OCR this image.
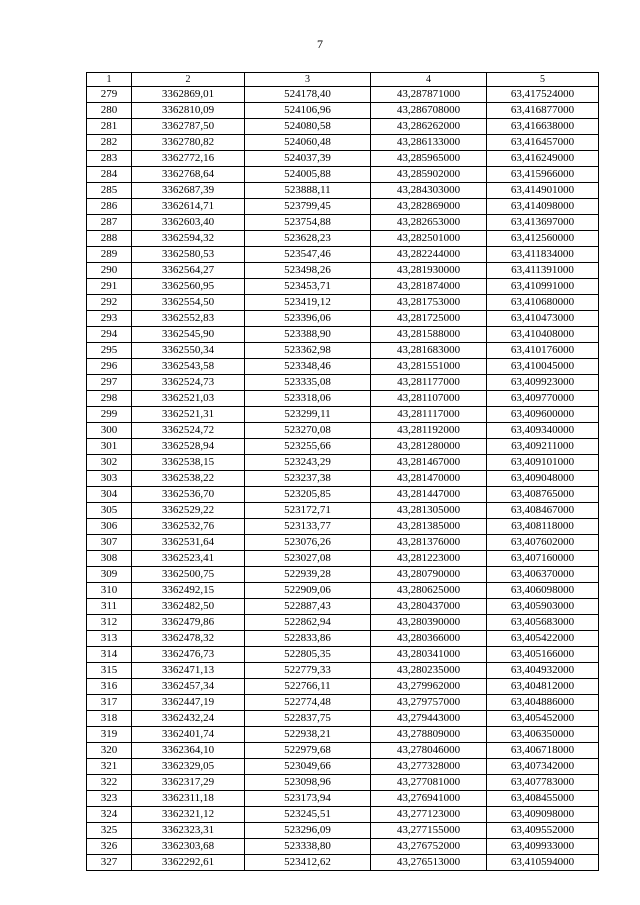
7
1	2	3	4	5
279	3362869,01	524178,40	43,287871000	63,417524000
280	3362810,09	524106,96	43,286708000	63,416877000
281	3362787,50	524080,58	43,286262000	63,416638000
282	3362780,82	524060,48	43,286133000	63,416457000
283	3362772,16	524037,39	43,285965000	63,416249000
284	3362768,64	524005,88	43,285902000	63,415966000
285	3362687,39	523888,11	43,284303000	63,414901000
286	3362614,71	523799,45	43,282869000	63,414098000
287	3362603,40	523754,88	43,282653000	63,413697000
288	3362594,32	523628,23	43,282501000	63,412560000
289	3362580,53	523547,46	43,282244000	63,411834000
290	3362564,27	523498,26	43,281930000	63,411391000
291	3362560,95	523453,71	43,281874000	63,410991000
292	3362554,50	523419,12	43,281753000	63,410680000
293	3362552,83	523396,06	43,281725000	63,410473000
294	3362545,90	523388,90	43,281588000	63,410408000
295	3362550,34	523362,98	43,281683000	63,410176000
296	3362543,58	523348,46	43,281551000	63,410045000
297	3362524,73	523335,08	43,281177000	63,409923000
298	3362521,03	523318,06	43,281107000	63,409770000
299	3362521,31	523299,11	43,281117000	63,409600000
300	3362524,72	523270,08	43,281192000	63,409340000
301	3362528,94	523255,66	43,281280000	63,409211000
302	3362538,15	523243,29	43,281467000	63,409101000
303	3362538,22	523237,38	43,281470000	63,409048000
304	3362536,70	523205,85	43,281447000	63,408765000
305	3362529,22	523172,71	43,281305000	63,408467000
306	3362532,76	523133,77	43,281385000	63,408118000
307	3362531,64	523076,26	43,281376000	63,407602000
308	3362523,41	523027,08	43,281223000	63,407160000
309	3362500,75	522939,28	43,280790000	63,406370000
310	3362492,15	522909,06	43,280625000	63,406098000
311	3362482,50	522887,43	43,280437000	63,405903000
312	3362479,86	522862,94	43,280390000	63,405683000
313	3362478,32	522833,86	43,280366000	63,405422000
314	3362476,73	522805,35	43,280341000	63,405166000
315	3362471,13	522779,33	43,280235000	63,404932000
316	3362457,34	522766,11	43,279962000	63,404812000
317	3362447,19	522774,48	43,279757000	63,404886000
318	3362432,24	522837,75	43,279443000	63,405452000
319	3362401,74	522938,21	43,278809000	63,406350000
320	3362364,10	522979,68	43,278046000	63,406718000
321	3362329,05	523049,66	43,277328000	63,407342000
322	3362317,29	523098,96	43,277081000	63,407783000
323	3362311,18	523173,94	43,276941000	63,408455000
324	3362321,12	523245,51	43,277123000	63,409098000
325	3362323,31	523296,09	43,277155000	63,409552000
326	3362303,68	523338,80	43,276752000	63,409933000
327	3362292,61	523412,62	43,276513000	63,410594000
